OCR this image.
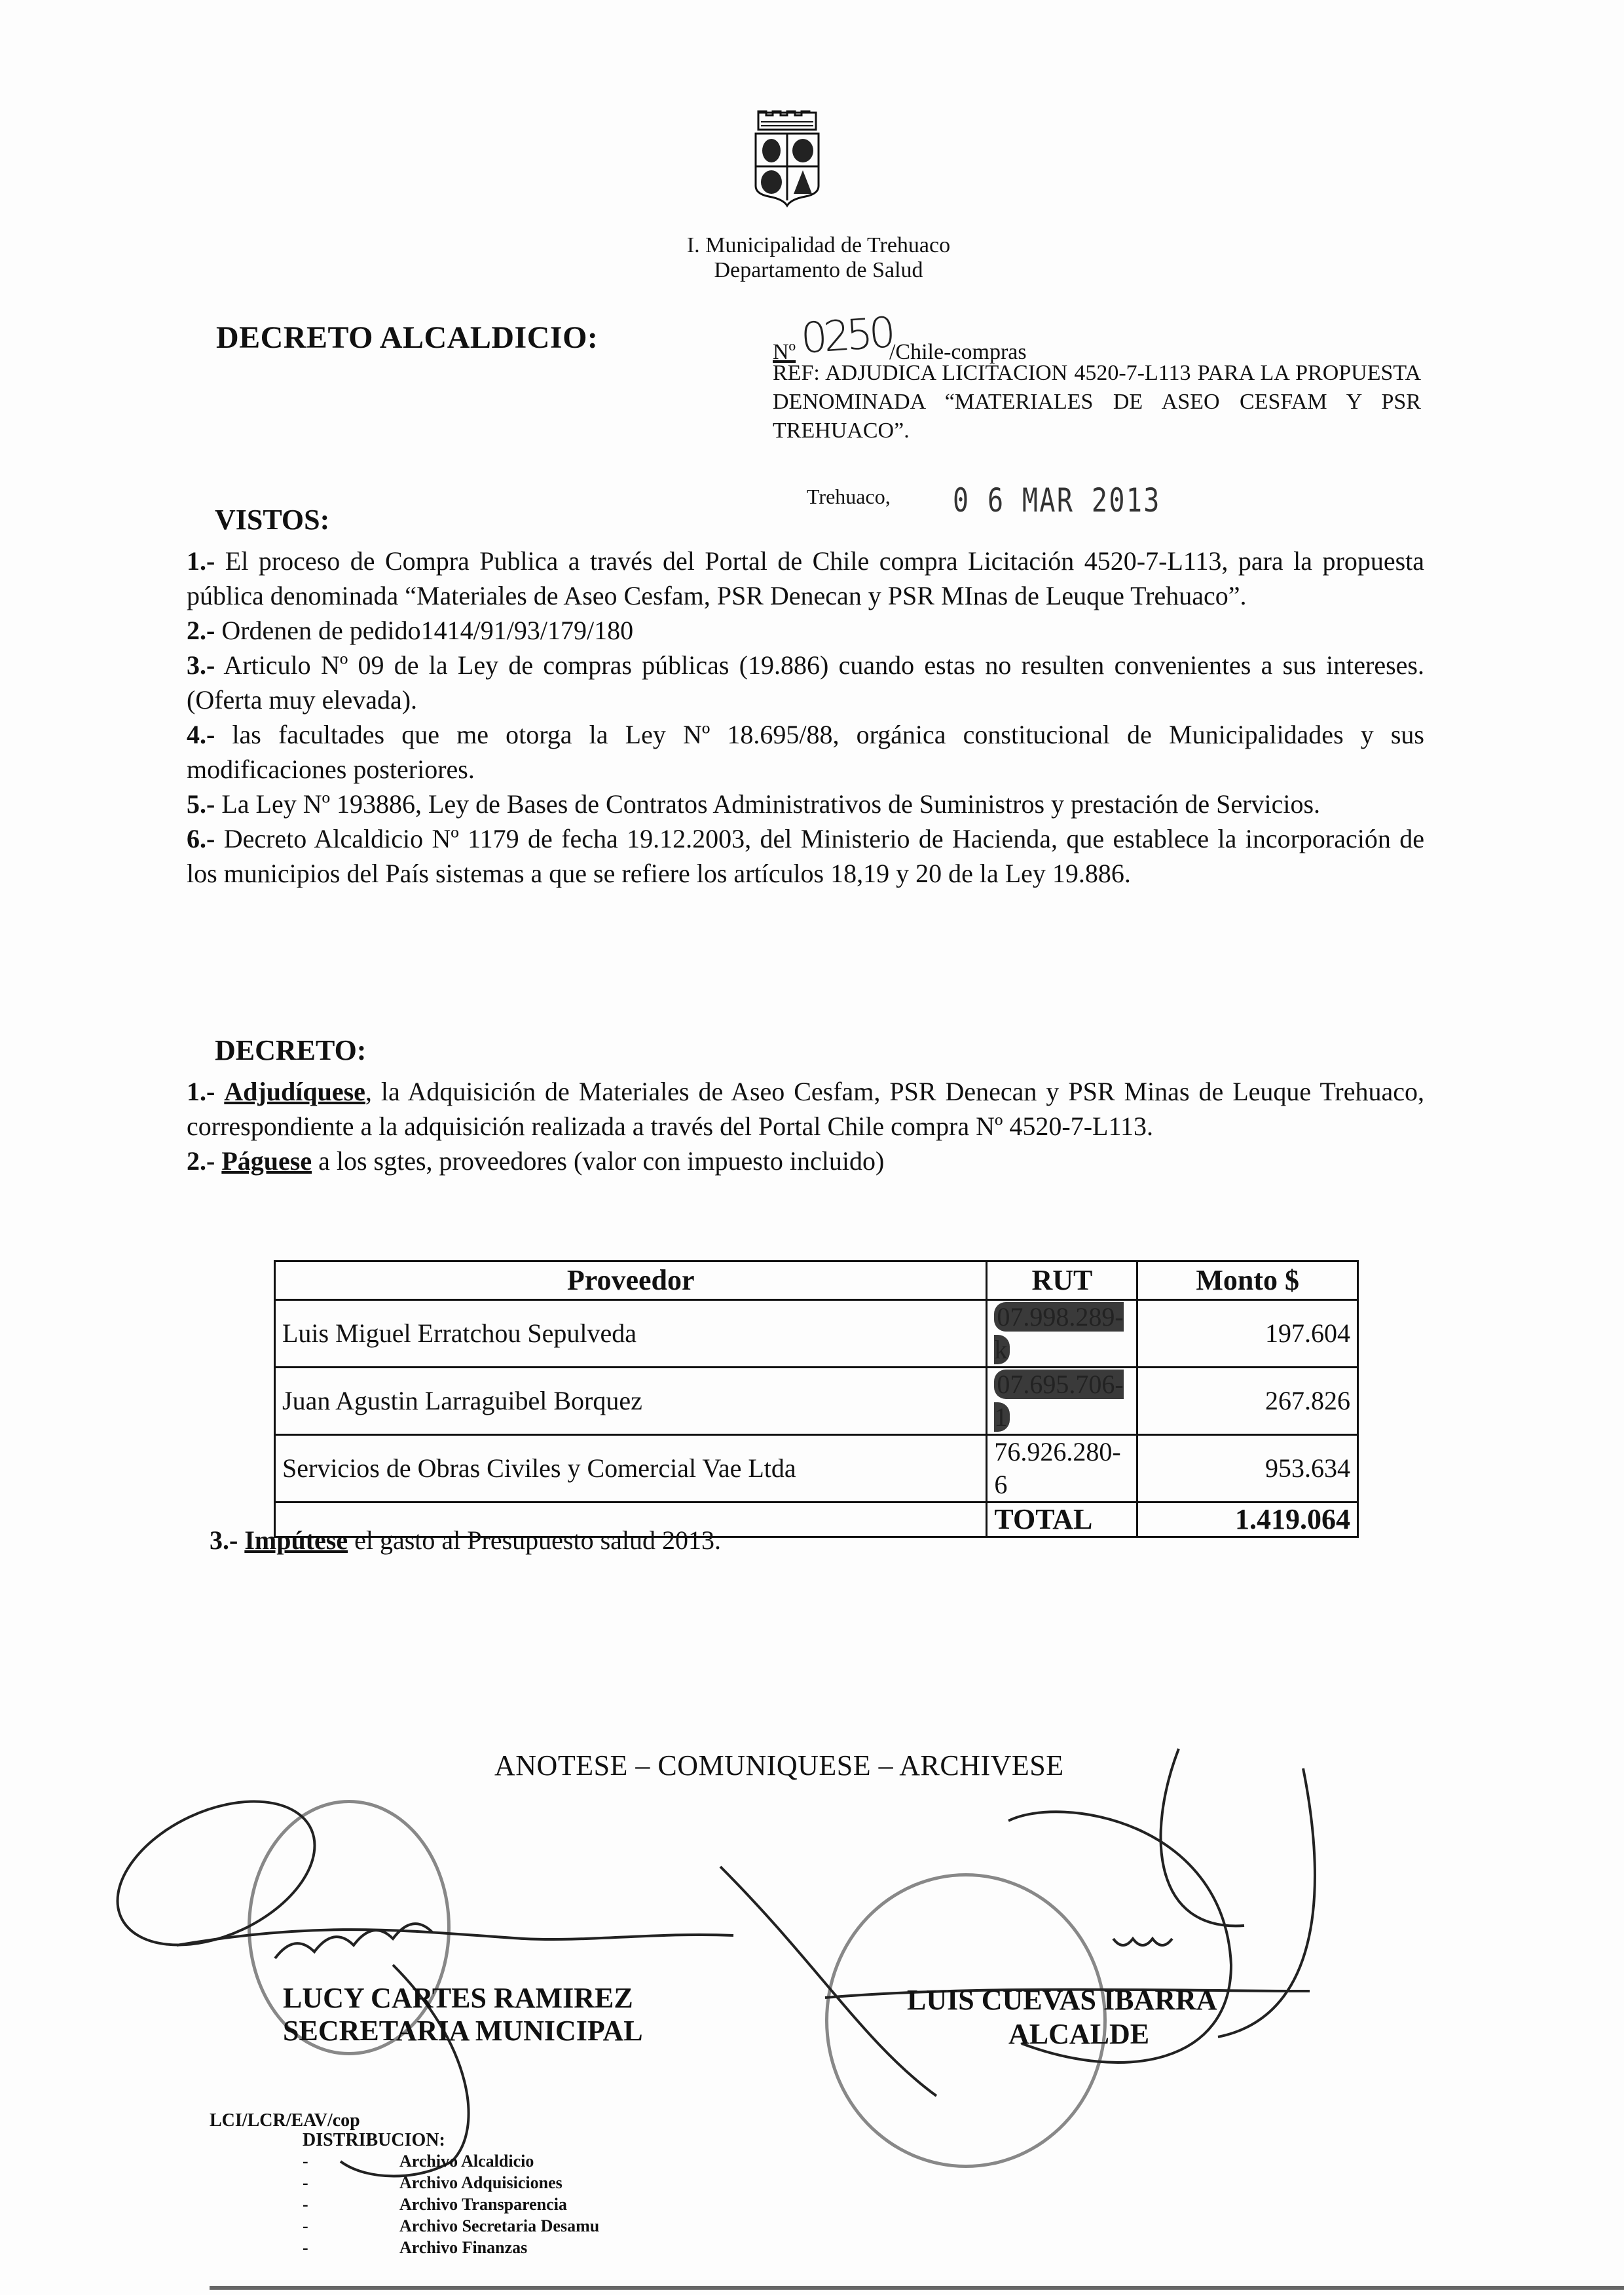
I. Municipalidad de Trehuaco
Departamento de Salud
DECRETO ALCALDICIO:	Nº0250/Chile-compras
REF: ADJUDICA LICITACION 4520-7-L113 PARA LA PROPUESTA DENOMINADA “MATERIALES DE ASEO CESFAM Y PSR TREHUACO”.
Trehuaco, 0 6 MAR 2013
VISTOS:

1.- El proceso de Compra Publica a través del Portal de Chile compra Licitación 4520-7-L113, para la propuesta pública denominada “Materiales de Aseo Cesfam, PSR Denecan y PSR MInas de Leuque Trehuaco”.

2.- Ordenen de pedido1414/91/93/179/180

3.- Articulo Nº 09 de la Ley de compras públicas (19.886) cuando estas no resulten convenientes a sus intereses. (Oferta muy elevada).

4.- las facultades que me otorga la Ley Nº 18.695/88, orgánica constitucional de Municipalidades y sus modificaciones posteriores.

5.- La Ley Nº 193886, Ley de Bases de Contratos Administrativos de Suministros y prestación de Servicios.

6.- Decreto Alcaldicio Nº 1179 de fecha 19.12.2003, del Ministerio de Hacienda, que establece la incorporación de los municipios del País sistemas a que se refiere los artículos 18,19 y 20 de la Ley 19.886.

DECRETO:

1.- Adjudíquese, la Adquisición de Materiales de Aseo Cesfam, PSR Denecan y PSR Minas de Leuque Trehuaco, correspondiente a la adquisición realizada a través del Portal Chile compra Nº 4520-7-L113.

2.- Páguese a los sgtes, proveedores (valor con impuesto incluido)

Proveedor	RUT	Monto $
Luis Miguel Erratchou Sepulveda	07.998.289-k	197.604
Juan Agustin Larraguibel Borquez	07.695.706-1	267.826
Servicios de Obras Civiles y Comercial Vae Ltda	76.926.280-6	953.634
	TOTAL	1.419.064
3.- Impútese el gasto al Presupuesto salud 2013.
ANOTESE – COMUNIQUESE – ARCHIVESE
LUCY CARTES RAMIREZ
SECRETARIA MUNICIPAL
LUIS CUEVAS IBARRA
ALCALDE
LCI/LCR/EAV/cop
DISTRIBUCION:
-	Archivo Alcaldicio
-	Archivo Adquisiciones
-	Archivo Transparencia
-	Archivo Secretaria Desamu
-	Archivo Finanzas
